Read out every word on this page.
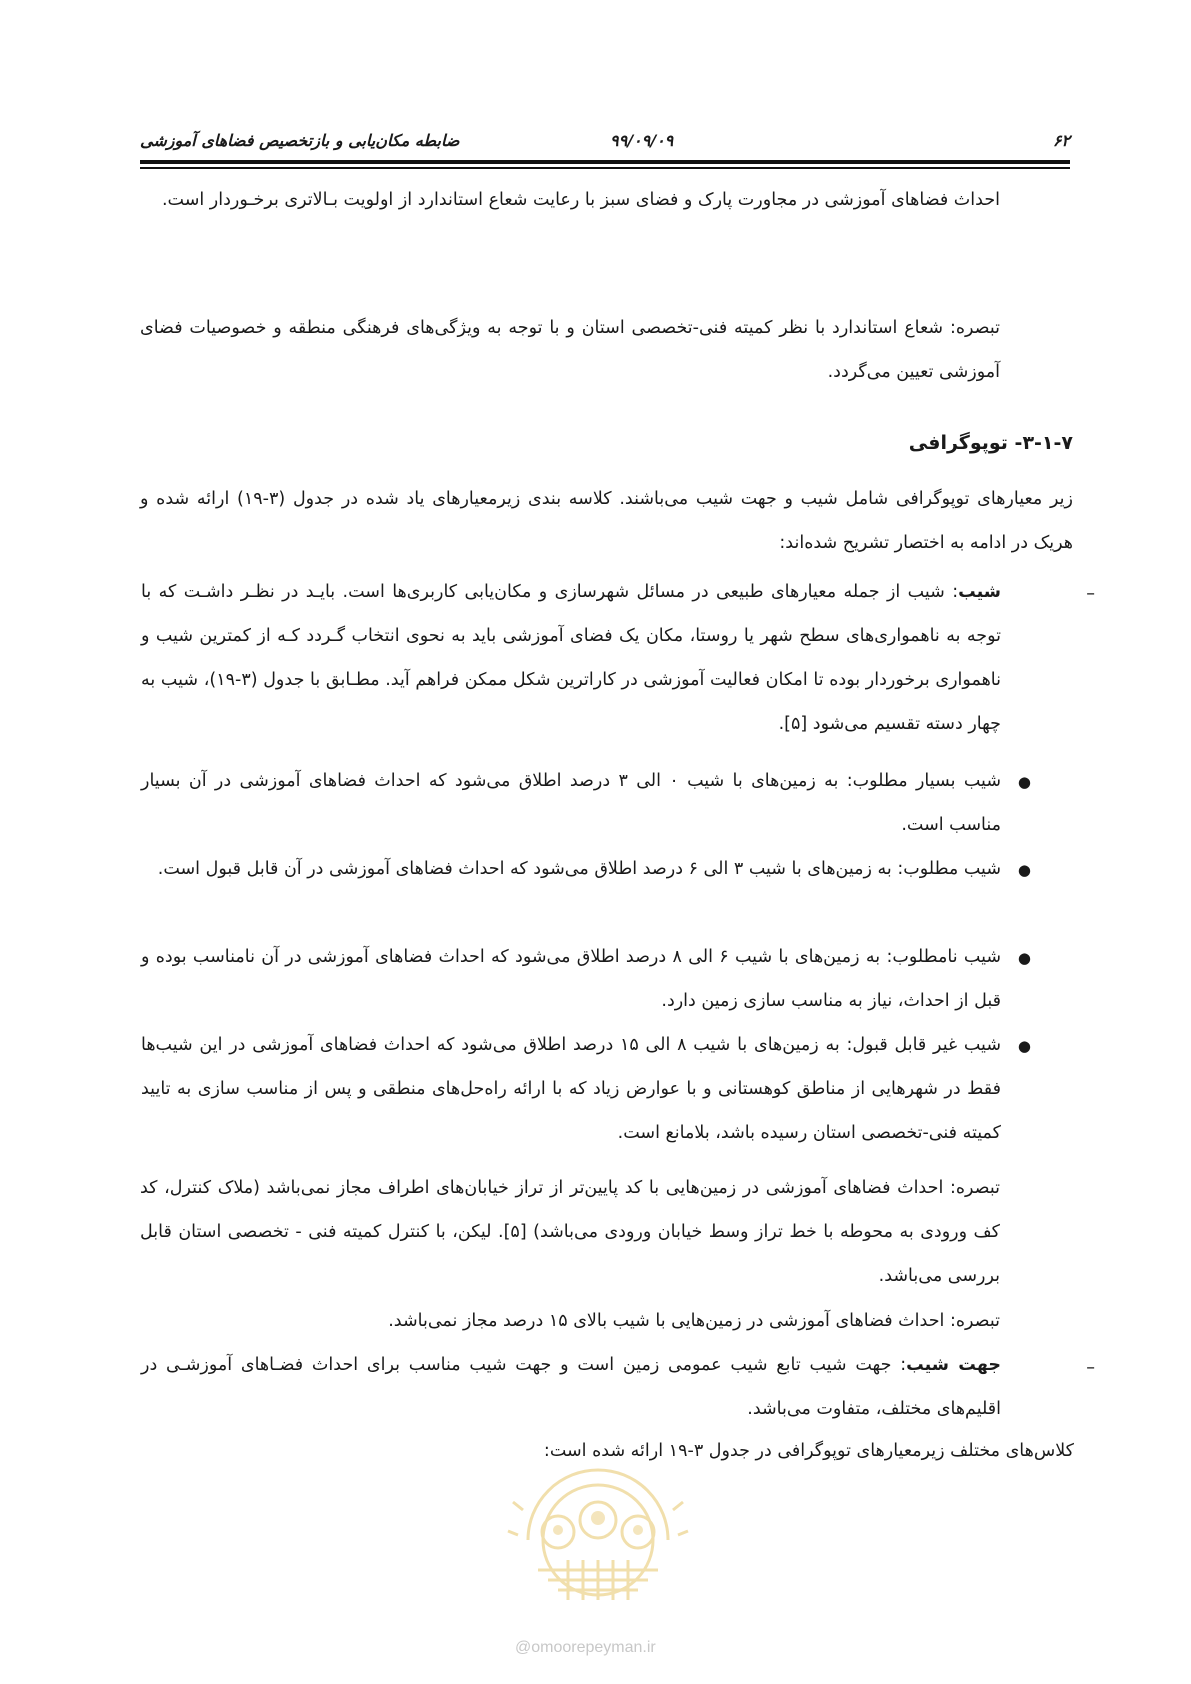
۶۲
۹۹/۰۹/۰۹
ضابطه مکان‌یابی و بازتخصیص فضاهای آموزشی

احداث فضاهای آموزشی در مجاورت پارک و فضای سبز با رعایت شعاع استاندارد از اولویت بـالاتری برخـوردار است.

تبصره: شعاع استاندارد با نظر کمیته فنی-تخصصی استان و با توجه به ویژگی‌های فرهنگی منطقه و خصوصیات فضای آموزشی تعیین می‌گردد.

۳-۱-۷- توپوگرافی

زیر معیارهای توپوگرافی شامل شیب و جهت شیب می‌باشند. کلاسه بندی زیرمعیارهای یاد شده در جدول (۳-۱۹) ارائه شده و هریک در ادامه به اختصار تشریح شده‌اند:

–

شیب: شیب از جمله معیارهای طبیعی در مسائل شهرسازی و مکان‌یابی کاربری‌ها است. بایـد در نظـر داشـت که با توجه به ناهمواری‌های سطح شهر یا روستا، مکان یک فضای آموزشی باید به نحوی انتخاب گـردد کـه از کمترین شیب و ناهمواری برخوردار بوده تا امکان فعالیت آموزشی در کاراترین شکل ممکن فراهم آید. مطـابق با جدول (۳-۱۹)، شیب به چهار دسته تقسیم می‌شود [۵].

●

شیب بسیار مطلوب: به زمین‌های با شیب ۰ الی ۳ درصد اطلاق می‌شود که احداث فضاهای آموزشی در آن بسیار مناسب است.

●

شیب مطلوب: به زمین‌های با شیب ۳ الی ۶ درصد اطلاق می‌شود که احداث فضاهای آموزشی در آن قابل قبول است.

●

شیب نامطلوب: به زمین‌های با شیب ۶ الی ۸ درصد اطلاق می‌شود که احداث فضاهای آموزشی در آن نامناسب بوده و قبل از احداث، نیاز به مناسب سازی زمین دارد.

●

شیب غیر قابل قبول: به زمین‌های با شیب ۸ الی ۱۵ درصد اطلاق می‌شود که احداث فضاهای آموزشی در این شیب‌ها فقط در شهرهایی از مناطق کوهستانی و با عوارض زیاد که با ارائه راه‌حل‌های منطقی و پس از مناسب سازی به تایید کمیته فنی-تخصصی استان رسیده باشد، بلامانع است.

تبصره: احداث فضاهای آموزشی در زمین‌هایی با کد پایین‌تر از تراز خیابان‌های اطراف مجاز نمی‌باشد (ملاک کنترل، کد کف ورودی به محوطه با خط تراز وسط خیابان ورودی می‌باشد) [۵]. لیکن، با کنترل کمیته فنی - تخصصی استان قابل بررسی می‌باشد.

تبصره: احداث فضاهای آموزشی در زمین‌هایی با شیب بالای ۱۵ درصد مجاز نمی‌باشد.

–

جهت شیب: جهت شیب تابع شیب عمومی زمین است و جهت شیب مناسب برای احداث فضـاهای آموزشـی در اقلیم‌های مختلف، متفاوت می‌باشد.

کلاس‌های مختلف زیرمعیارهای توپوگرافی در جدول ۳-۱۹ ارائه شده است:

@omoorepeyman.ir
